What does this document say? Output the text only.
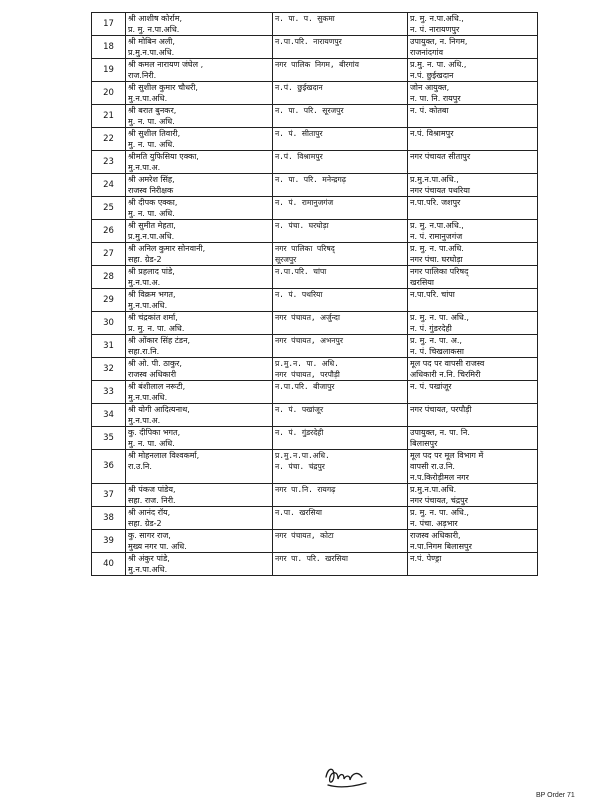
17	श्री आशीष कोर्राम,
प्र. मु. न.पा.अधि.	न. पा. प. सुकमा	प्र. मु. न.पा.अधि.,
न. पं. नारायणपुर

18	श्री मोबिन अली,
प्र.मु.न.पा.अधि.	न.पा.परि. नारायणपुर	उपायुक्त, न. निगम,
राजनांदगांव

19	श्री कमल नारायण जंघेल ,
राज.निरी.	नगर पालिक निगम, बीरगांव	प्र.मु. न. पा. अधि.,
न.पं. छुईखदान

20	श्री सुशील कुमार चौधरी,
मु.न.पा.अधि.	न.पं. छुईखदान	जोन आयुक्त,
न. पा. नि. रायपुर

21	श्री बरात बुनकर,
मु. न. पा. अधि.	न. पा. परि. सूरजपुर	न. पं. कोतबा

22	श्री सुशील तिवारी,
मु. न. पा. अधि.	न. पं. सीतापुर	न.पं. विश्रामपुर

23	श्रीमति युफिसिया एक्का,
मु.न.पा.अ.	न.पं. विश्रामपुर	नगर पंचायत सीतापुर

24	श्री अमरेश सिंह,
राजस्व निरीक्षक	न. पा. परि. मनेन्द्रगढ़	प्र.मु.न.पा.अधि.,
नगर पंचायत पथरिया

25	श्री दीपक एक्का,
मु. न. पा. अधि.	न. पं. रामानुजगंज	न.पा.परि. जशपुर

26	श्री सुमीत मेहता,
प्र.मु.न.पा.अधि.	न. पंचा. घरघोड़ा	प्र. मु. न.पा.अधि.,
न. पं. रामानुजगंज

27	श्री अनिल कुमार सोनवानी,
सहा. ग्रेड-2	नगर पालिका परिषद्
सूरजपुर	प्र. मु. न. पा.अधि.
नगर पंचा. घरघोड़ा

28	श्री प्रहलाद पांडे,
मु.न.पा.अ.	न.पा.परि. चांपा	नगर पालिका परिषद्
खरसिया

29	श्री विक्रम भगत,
मु.न.पा.अधि.	न. पं. पथरिया	न.पा.परि. चांपा

30	श्री चंद्रकांत शर्मा,
प्र. मु. न. पा. अधि.	नगर पंचायत, अर्जुन्दा	प्र. मु. न. पा. अधि.,
न. पं. गुंडरदेही

31	श्री ओंकार सिंह टंडन,
सहा.रा.नि.	नगर पंचायत, अभनपुर	प्र. मु. न. पा. अ.,
न. पं. चिखलाकसा

32	श्री ओ. पी. ठाकुर,
राजस्व अधिकारी	प्र.मु.न. पा. अधि.
नगर पंचायत, परपौड़ी	मूल पद पर वापसी राजस्व
अधिकारी न.नि. चिरमिरी

33	श्री बंशीलाल नरूटी,
मु.न.पा.अधि.	न.पा.परि. बीजापुर	न. पं. पखांजूर

34	श्री योगी आदित्यनाथ,
मु.न.पा.अ.	न. पं. पखांजूर	नगर पंचायत, परपौड़ी

35	कु. दीपिका भगत,
मु. न. पा. अधि.	न. पं. गुंडरदेही	उपायुक्त, न. पा. नि.
बिलासपुर

36	श्री मोहनलाल विश्वकर्मा,
रा.उ.नि.	प्र.मु.न.पा.अधि.
न. पंचा. चंद्रपुर	मूल पद पर मूल विभाग में
वापसी रा.उ.नि.
न.प.किरोड़ीमल नगर

37	श्री पंकज पांडेय,
सहा. राज. निरी.	नगर पा.नि. रायगढ़	प्र.मु.न.पा.अधि.
नगर पंचायत, चंद्रपुर

38	श्री आनंद रॉय,
सहा. ग्रेड-2	न.पा. खरसिया	प्र. मु. न. पा. अधि.,
न. पंचा. अड़भार

39	कु. सागर राज,
मुख्य नगर पा. अधि.	नगर पंचायत, कोटा	राजस्व अधिकारी,
न.पा.निगम बिलासपुर

40	श्री अंकुर पांडे,
मु.न.पा.अधि.	नगर पा. परि. खरसिया	न.पं. पेण्ड्रा
BP Order 71
